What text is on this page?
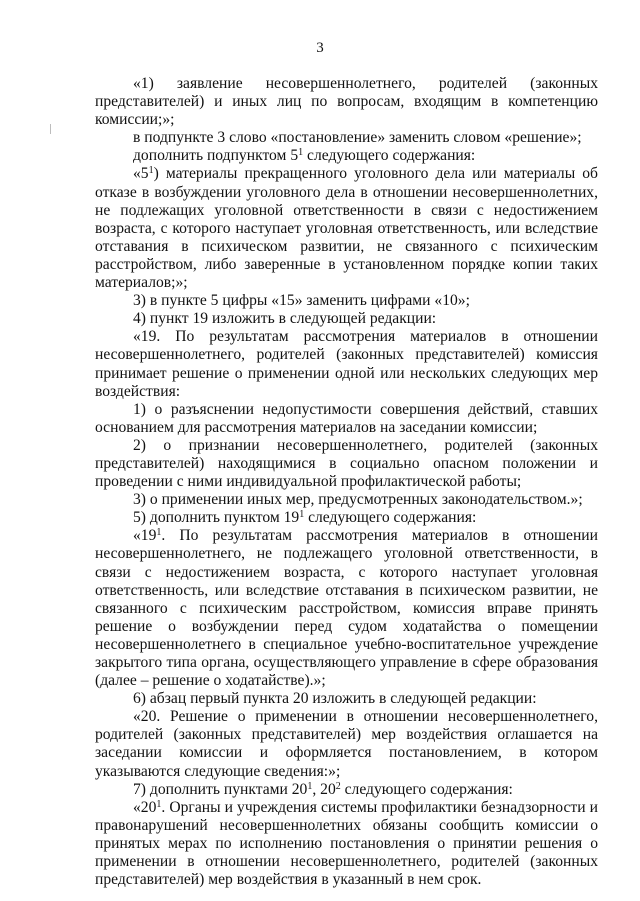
3

«1) заявление несовершеннолетнего, родителей (законных представителей) и иных лиц по вопросам, входящим в компетенцию комиссии;»;

в подпункте 3 слово «постановление» заменить словом «решение»;

дополнить подпунктом $5^1$ следующего содержания:

«$5^1$) материалы прекращенного уголовного дела или материалы об отказе в возбуждении уголовного дела в отношении несовершеннолетних, не подлежащих уголовной ответственности в связи с недостижением возраста, с которого наступает уголовная ответственность, или вследствие отставания в психическом развитии, не связанного с психическим расстройством, либо заверенные в установленном порядке копии таких материалов;»;

3) в пункте 5 цифры «15» заменить цифрами «10»;

4) пункт 19 изложить в следующей редакции:

«19. По результатам рассмотрения материалов в отношении несовершеннолетнего, родителей (законных представителей) комиссия принимает решение о применении одной или нескольких следующих мер воздействия:

1) о разъяснении недопустимости совершения действий, ставших основанием для рассмотрения материалов на заседании комиссии;

2) о признании несовершеннолетнего, родителей (законных представителей) находящимися в социально опасном положении и проведении с ними индивидуальной профилактической работы;

3) о применении иных мер, предусмотренных законодательством.»;

5) дополнить пунктом $19^1$ следующего содержания:

«$19^1$. По результатам рассмотрения материалов в отношении несовершеннолетнего, не подлежащего уголовной ответственности, в связи с недостижением возраста, с которого наступает уголовная ответственность, или вследствие отставания в психическом развитии, не связанного с психическим расстройством, комиссия вправе принять решение о возбуждении перед судом ходатайства о помещении несовершеннолетнего в специальное учебно-воспитательное учреждение закрытого типа органа, осуществляющего управление в сфере образования (далее – решение о ходатайстве).»;

6) абзац первый пункта 20 изложить в следующей редакции:

«20. Решение о применении в отношении несовершеннолетнего, родителей (законных представителей) мер воздействия оглашается на заседании комиссии и оформляется постановлением, в котором указываются следующие сведения:»;

7) дополнить пунктами $20^1$, $20^2$ следующего содержания:

«$20^1$. Органы и учреждения системы профилактики безнадзорности и правонарушений несовершеннолетних обязаны сообщить комиссии о принятых мерах по исполнению постановления о принятии решения о применении в отношении несовершеннолетнего, родителей (законных представителей) мер воздействия в указанный в нем срок.
